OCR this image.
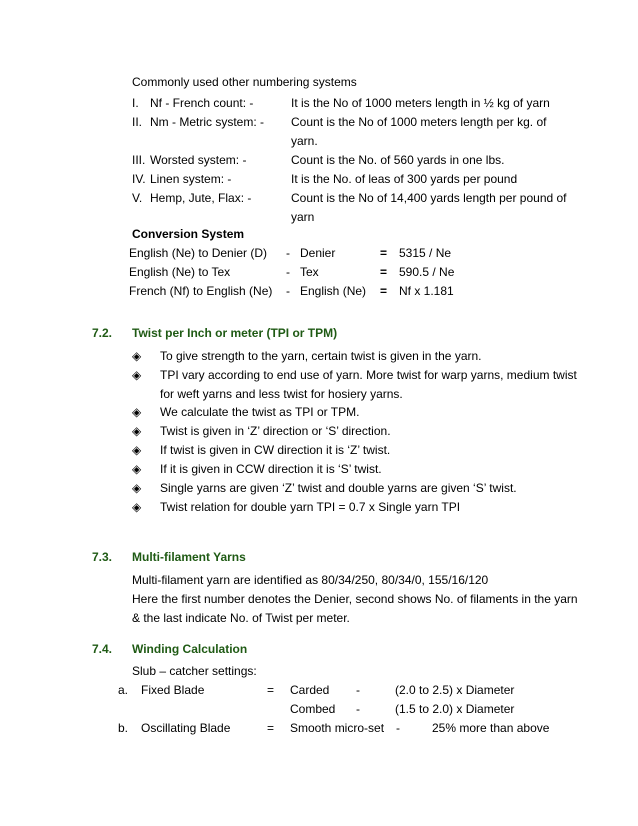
Commonly used other numbering systems
I. Nf - French count: -	It is the No of 1000 meters length in ½ kg of yarn
II. Nm - Metric system: - Count is the No of 1000 meters length per kg. of
yarn.
III. Worsted system: -	Count is the No. of 560 yards in one lbs.
IV. Linen system: -	It is the No. of leas of 300 yards per pound
V. Hemp, Jute, Flax: -	Count is the No of 14,400 yards length per pound of
yarn
Conversion System
English (Ne) to Denier (D) - Denier	= 5315 / Ne
English (Ne) to Tex	- Tex	= 590.5 / Ne
French (Nf) to English (Ne) - English (Ne) = Nf x 1.181
7.2. Twist per Inch or meter (TPI or TPM)
◈ To give strength to the yarn, certain twist is given in the yarn.
◈ TPI vary according to end use of yarn. More twist for warp yarns, medium twist
for weft yarns and less twist for hosiery yarns.
◈ We calculate the twist as TPI or TPM.
◈ Twist is given in ‘Z’ direction or ‘S’ direction.
◈ If twist is given in CW direction it is ‘Z’ twist.
◈ If it is given in CCW direction it is ‘S’ twist.
◈ Single yarns are given ‘Z’ twist and double yarns are given ‘S’ twist.
◈ Twist relation for double yarn TPI = 0.7 x Single yarn TPI
7.3. Multi-filament Yarns
Multi-filament yarn are identified as 80/34/250, 80/34/0, 155/16/120
Here the first number denotes the Denier, second shows No. of filaments in the yarn
& the last indicate No. of Twist per meter.
7.4. Winding Calculation
Slub – catcher settings:
a. Fixed Blade	= Carded -	(2.0 to 2.5) x Diameter
Combed -	(1.5 to 2.0) x Diameter
b. Oscillating Blade	= Smooth micro-set -	25% more than above
